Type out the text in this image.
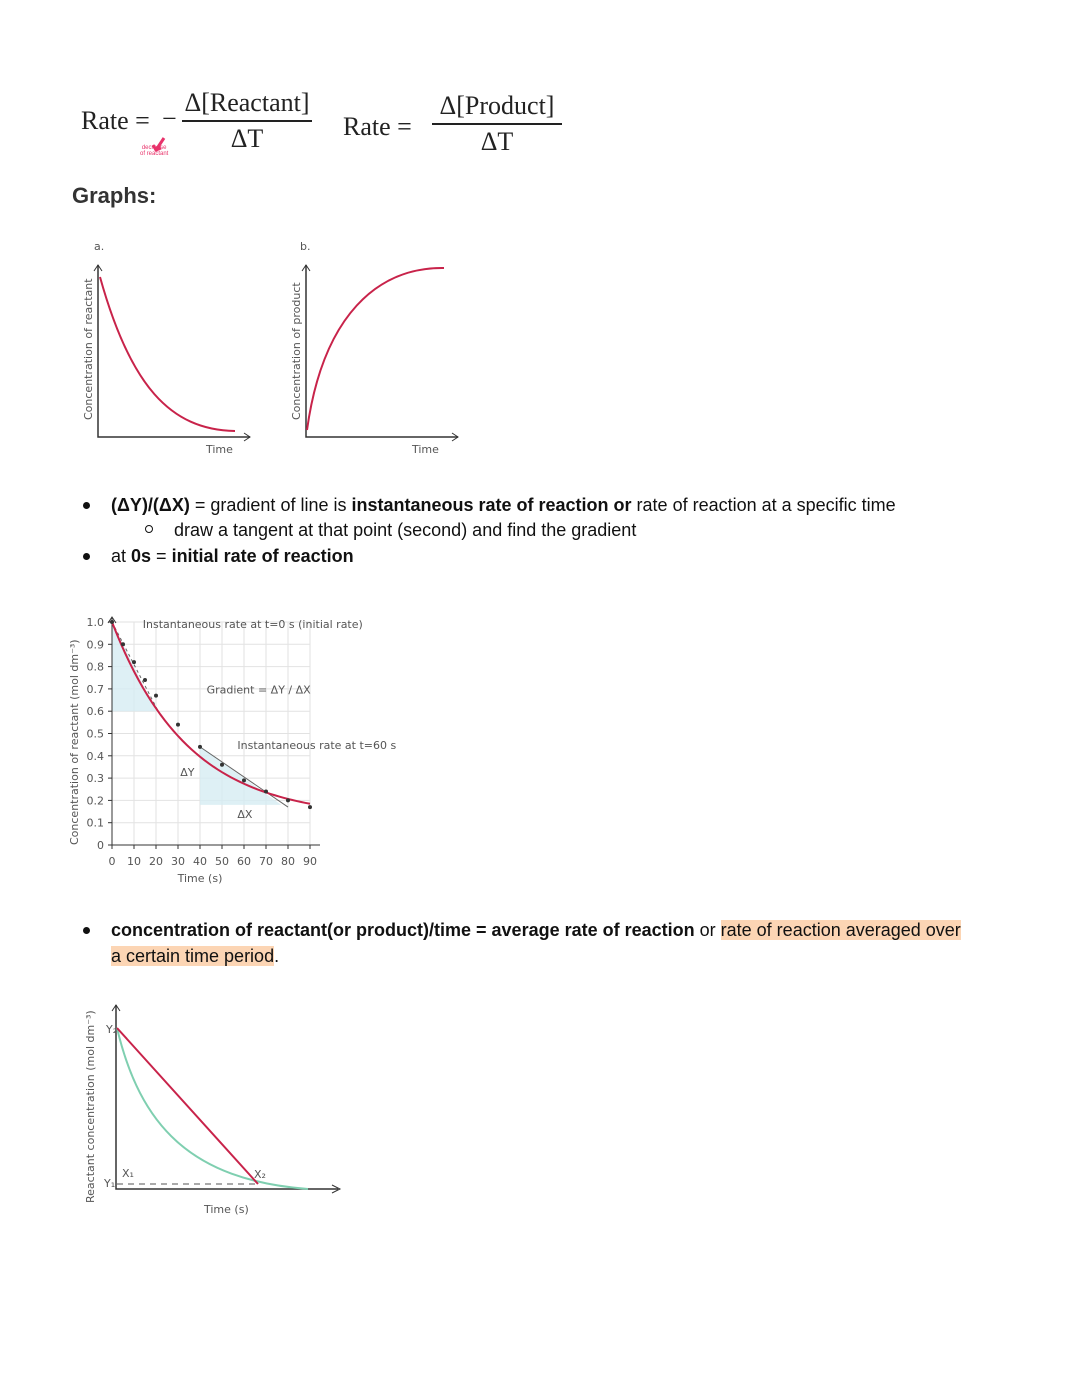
Rate = −
Δ[Reactant]
ΔT
decrease
of reactant
Rate =
Δ[Product]
ΔT
Graphs:
a.
Time
Concentration of reactant
b.
Time
Concentration of product
(ΔY)/(ΔX) = gradient of line is instantaneous rate of reaction or rate of reaction at a specific time
draw a tangent at that point (second) and find the gradient
at 0s = initial rate of reaction
0 10 20 30 40 50 60 70 80 90
0
0.1
0.2
0.3
0.4
0.5
0.6
0.7
0.8
0.9
1.0
Time (s)
Concentration of reactant (mol dm⁻³)
Instantaneous rate at t=0 s (initial rate)
Gradient = ΔY / ΔX
Instantaneous rate at t=60 s
ΔY
ΔX
concentration of reactant(or product)/time = average rate of reaction or rate of reaction averaged over
a certain time period.
Y₂
Y₁
X₁	X₂
Time (s)
Reactant concentration (mol dm⁻³)
